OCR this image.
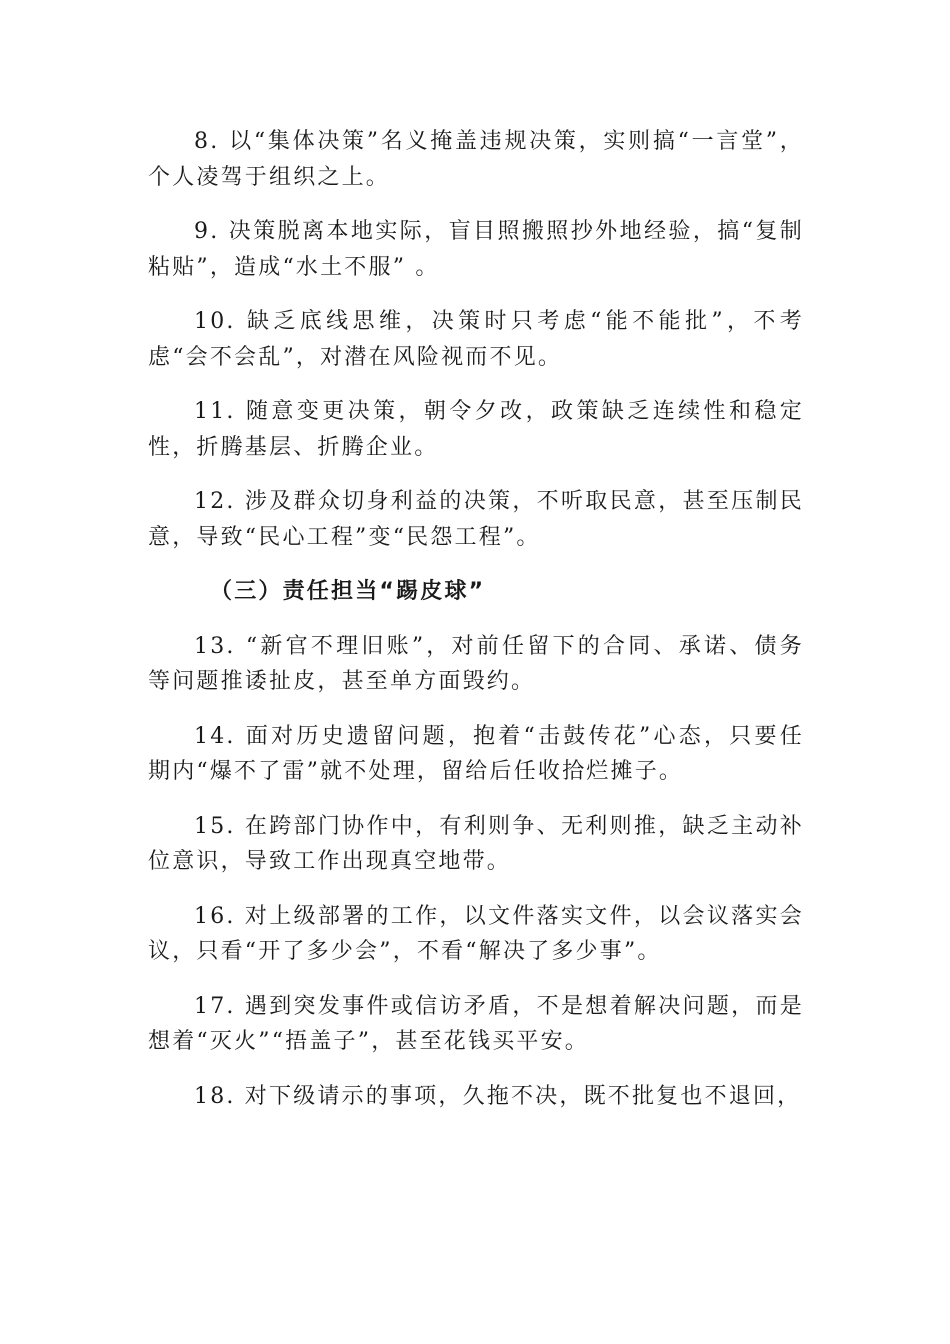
8. 以“集体决策”名义掩盖违规决策，实则搞“一言堂”，个人凌驾于组织之上。

9. 决策脱离本地实际，盲目照搬照抄外地经验，搞“复制粘贴”，造成“水土不服” 。

10. 缺乏底线思维，决策时只考虑“能不能批”，不考虑“会不会乱”，对潜在风险视而不见。

11. 随意变更决策，朝令夕改，政策缺乏连续性和稳定性，折腾基层、折腾企业。

12. 涉及群众切身利益的决策，不听取民意，甚至压制民意，导致“民心工程”变“民怨工程”。

（三）责任担当“踢皮球”

13. “新官不理旧账”，对前任留下的合同、承诺、债务等问题推诿扯皮，甚至单方面毁约。

14. 面对历史遗留问题，抱着“击鼓传花”心态，只要任期内“爆不了雷”就不处理，留给后任收拾烂摊子。

15. 在跨部门协作中，有利则争、无利则推，缺乏主动补位意识，导致工作出现真空地带。

16. 对上级部署的工作，以文件落实文件，以会议落实会议，只看“开了多少会”，不看“解决了多少事”。

17. 遇到突发事件或信访矛盾，不是想着解决问题，而是想着“灭火”“捂盖子”，甚至花钱买平安。

18. 对下级请示的事项，久拖不决，既不批复也不退回，
